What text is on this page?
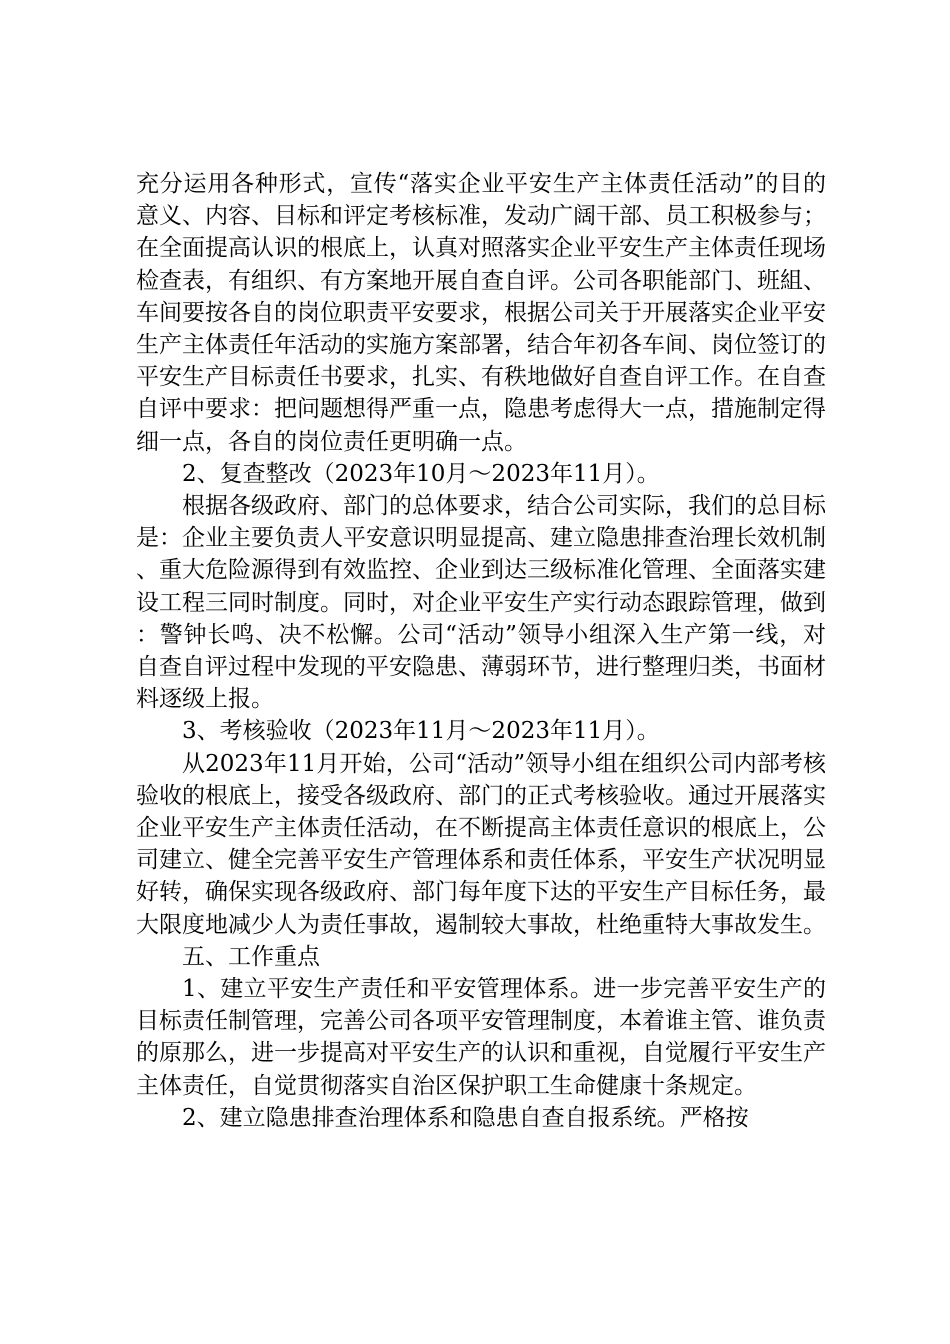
充分运用各种形式，宣传“落实企业平安生产主体责任活动”的目的意义、内容、目标和评定考核标准，发动广阔干部、员工积极参与；在全面提高认识的根底上，认真对照落实企业平安生产主体责任现场检查表，有组织、有方案地开展自查自评。公司各职能部门、班組、车间要按各自的岗位职责平安要求，根据公司关于开展落实企业平安生产主体责任年活动的实施方案部署，结合年初各车间、岗位签订的平安生产目标责任书要求，扎实、有秩地做好自查自评工作。在自查自评中要求：把问题想得严重一点，隐患考虑得大一点，措施制定得细一点，各自的岗位责任更明确一点。

2、复查整改（2023年10月～2023年11月）。

根据各级政府、部门的总体要求，结合公司实际，我们的总目标是：企业主要负责人平安意识明显提高、建立隐患排查治理长效机制、重大危险源得到有效监控、企业到达三级标准化管理、全面落实建设工程三同时制度。同时，对企业平安生产实行动态跟踪管理，做到：警钟长鸣、决不松懈。公司“活动”领导小组深入生产第一线，对自查自评过程中发现的平安隐患、薄弱环节，进行整理归类，书面材料逐级上报。

3、考核验收（2023年11月～2023年11月）。

从2023年11月开始，公司“活动”领导小组在组织公司内部考核验收的根底上，接受各级政府、部门的正式考核验收。通过开展落实企业平安生产主体责任活动，在不断提高主体责任意识的根底上，公司建立、健全完善平安生产管理体系和责任体系，平安生产状况明显好转，确保实现各级政府、部门每年度下达的平安生产目标任务，最大限度地减少人为责任事故，遏制较大事故，杜绝重特大事故发生。

五、工作重点

1、建立平安生产责任和平安管理体系。进一步完善平安生产的目标责任制管理，完善公司各项平安管理制度，本着谁主管、谁负责的原那么，进一步提高对平安生产的认识和重视，自觉履行平安生产主体责任，自觉贯彻落实自治区保护职工生命健康十条规定。

2、建立隐患排查治理体系和隐患自查自报系统。严格按
